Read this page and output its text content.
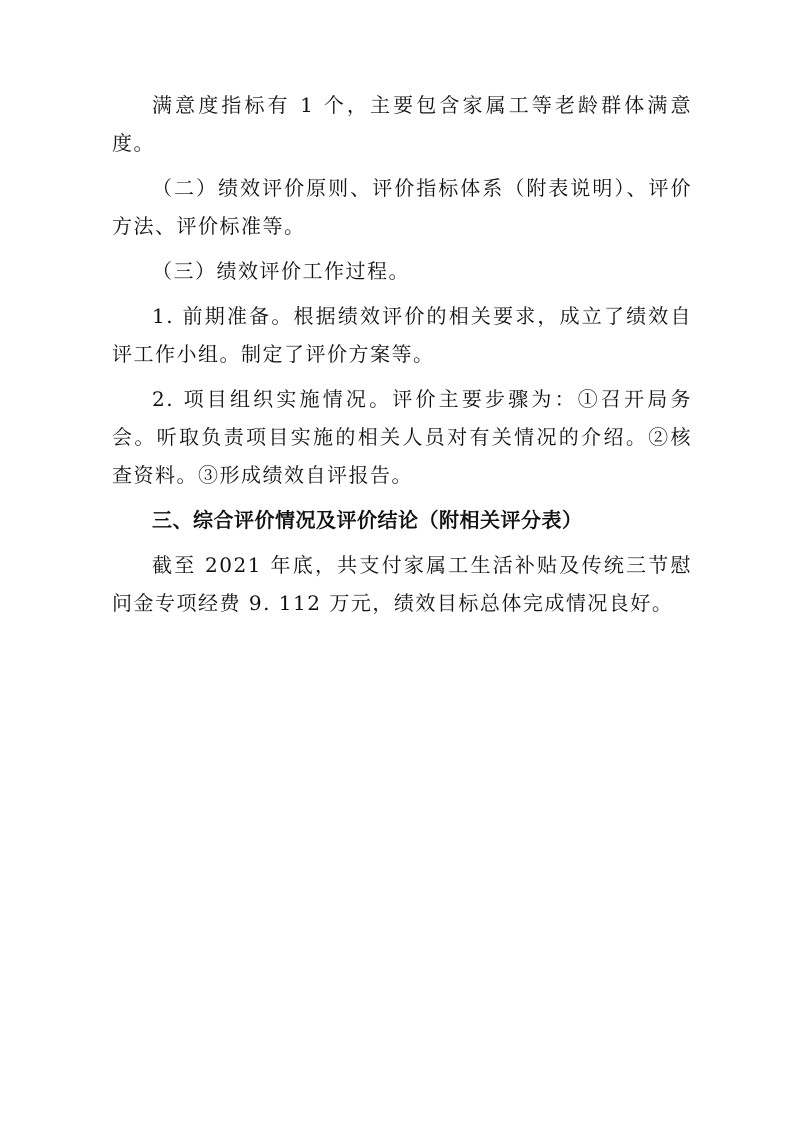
满意度指标有 1 个，主要包含家属工等老龄群体满意度。

（二）绩效评价原则、评价指标体系（附表说明）、评价方法、评价标准等。

（三）绩效评价工作过程。

1. 前期准备。根据绩效评价的相关要求，成立了绩效自评工作小组。制定了评价方案等。

2. 项目组织实施情况。评价主要步骤为：①召开局务会。听取负责项目实施的相关人员对有关情况的介绍。②核查资料。③形成绩效自评报告。

三、综合评价情况及评价结论（附相关评分表）

截至 2021 年底，共支付家属工生活补贴及传统三节慰问金专项经费 9. 112 万元，绩效目标总体完成情况良好。
